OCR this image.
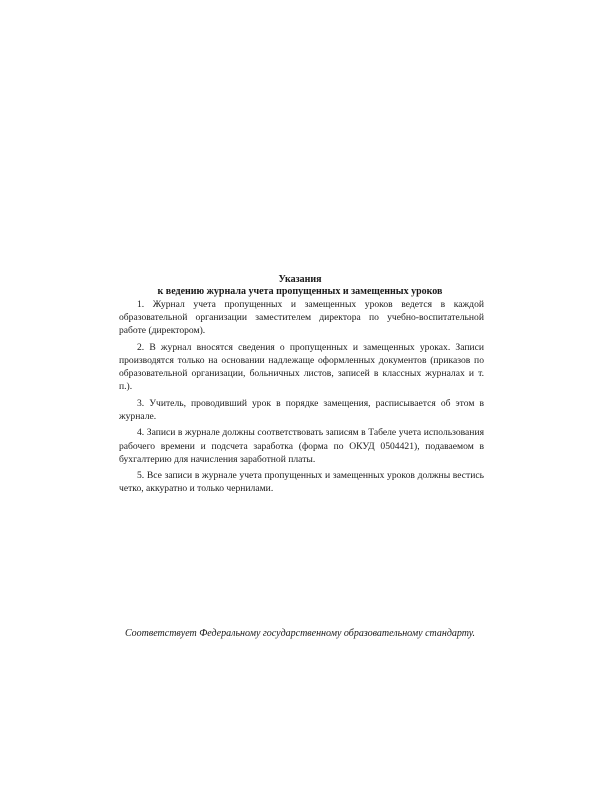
Указания

к ведению журнала учета пропущенных и замещенных уроков

1. Журнал учета пропущенных и замещенных уроков ведется в каждой образовательной организации заместителем директора по учебно-воспитательной работе (директором).

2. В журнал вносятся сведения о пропущенных и замещенных уроках. Записи производятся только на основании надлежаще оформленных документов (приказов по образовательной организации, больничных листов, записей в классных журналах и т. п.).

3. Учитель, проводивший урок в порядке замещения, расписывается об этом в журнале.

4. Записи в журнале должны соответствовать записям в Табеле учета использования рабочего времени и подсчета заработка (форма по ОКУД 0504421), подаваемом в бухгалтерию для начисления заработной платы.

5. Все записи в журнале учета пропущенных и замещенных уроков должны вестись четко, аккуратно и только чернилами.

Соответствует Федеральному государственному образовательному стандарту.
